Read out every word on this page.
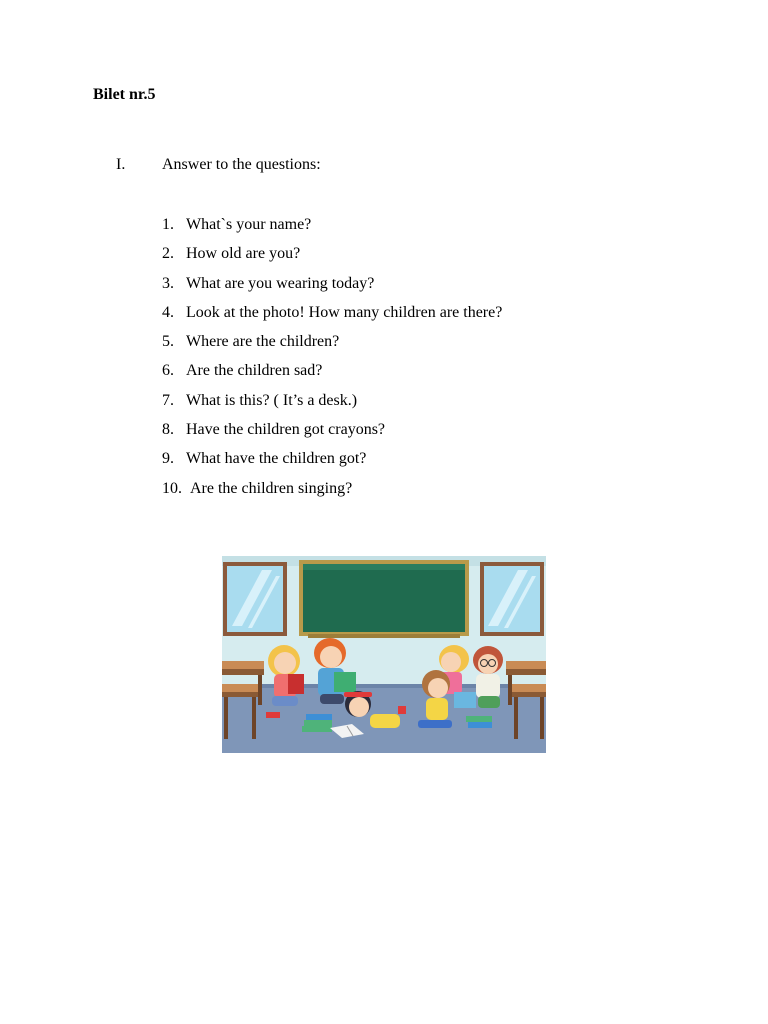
Bilet nr.5
I. Answer to the questions:
1. What`s your name?
2. How old are you?
3. What are you wearing today?
4. Look at the photo! How many children are there?
5. Where are the children?
6. Are the children sad?
7. What is this? ( It’s a desk.)
8. Have the children got crayons?
9. What have the children got?
10. Are the children singing?
